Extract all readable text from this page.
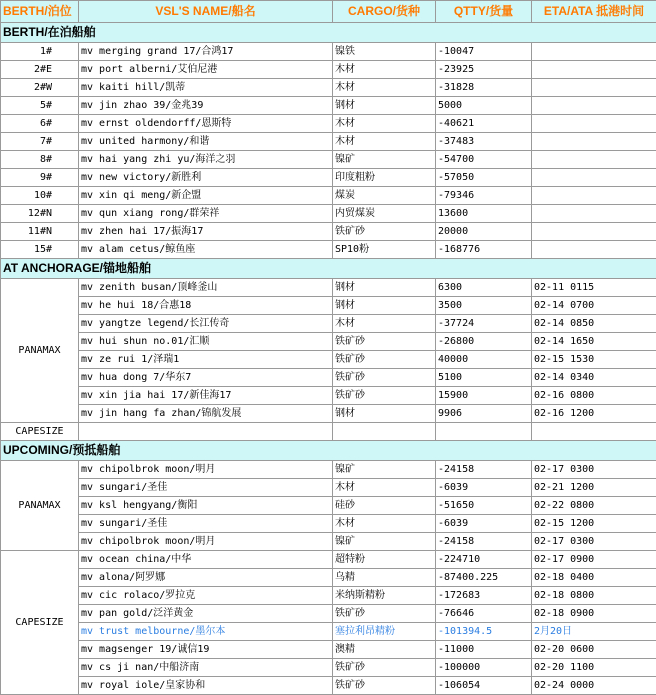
BERTH/泊位	VSL'S NAME/船名	CARGO/货种	QTTY/货量	ETA/ATA 抵港时间
BERTH/在泊船舶				
1#	mv merging grand 17/合鸿17	镍铁	-10047	
2#E	mv port alberni/艾伯尼港	木材	-23925	
2#W	mv kaiti hill/凯蒂	木材	-31828	
5#	mv jin zhao 39/金兆39	钢材	5000	
6#	mv ernst oldendorff/恩斯特	木材	-40621	
7#	mv united harmony/和谐	木材	-37483	
8#	mv hai yang zhi yu/海洋之羽	镍矿	-54700	
9#	mv new victory/新胜利	印度粗粉	-57050	
10#	mv xin qi meng/新企盟	煤炭	-79346	
12#N	mv qun xiang rong/群荣祥	内贸煤炭	13600	
11#N	mv zhen hai 17/振海17	铁矿砂	20000	
15#	mv alam cetus/鲸鱼座	SP10粉	-168776	
AT ANCHORAGE/锚地船舶				
PANAMAX	mv zenith busan/顶峰釜山	钢材	6300	02-11 0115
	mv he hui 18/合惠18	钢材	3500	02-14 0700
	mv yangtze legend/长江传奇	木材	-37724	02-14 0850
	mv hui shun no.01/汇顺	铁矿砂	-26800	02-14 1650
	mv ze rui 1/泽瑞1	铁矿砂	40000	02-15 1530
	mv hua dong 7/华东7	铁矿砂	5100	02-14 0340
	mv xin jia hai 17/新佳海17	铁矿砂	15900	02-16 0800
	mv jin hang fa zhan/锦航发展	钢材	9906	02-16 1200
CAPESIZE				
UPCOMING/预抵船舶				
PANAMAX	mv chipolbrok moon/明月	镍矿	-24158	02-17 0300
	mv sungari/圣佳	木材	-6039	02-21 1200
	mv ksl hengyang/衡阳	硅砂	-51650	02-22 0800
	mv sungari/圣佳	木材	-6039	02-15 1200
	mv chipolbrok moon/明月	镍矿	-24158	02-17 0300
CAPESIZE	mv ocean china/中华	超特粉	-224710	02-17 0900
	mv alona/阿罗娜	乌精	-87400.225	02-18 0400
	mv cic rolaco/罗拉克	米纳斯精粉	-172683	02-18 0800
	mv pan gold/泛洋黄金	铁矿砂	-76646	02-18 0900
	mv trust melbourne/墨尔本	塞拉利昂精粉	-101394.5	2月20日
	mv magsenger 19/诚信19	澳精	-11000	02-20 0600
	mv cs ji nan/中船济南	铁矿砂	-100000	02-20 1100
	mv royal iole/皇家协和	铁矿砂	-106054	02-24 0000
